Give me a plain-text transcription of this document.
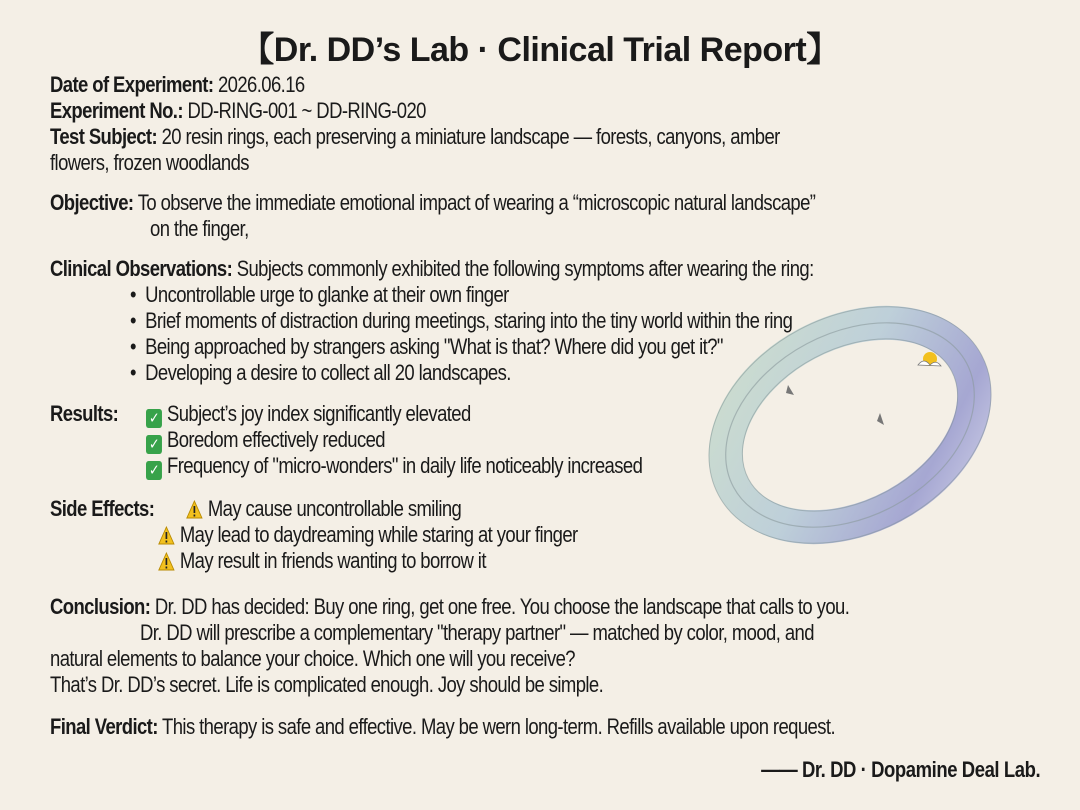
【Dr. DD’s Lab · Clinical Trial Report】
Date of Experiment: 2026.06.16
Experiment No.: DD-RING-001 ~ DD-RING-020
Test Subject: 20 resin rings, each preserving a miniature landscape — forests, canyons, amber
flowers, frozen woodlands
Objective: To observe the immediate emotional impact of wearing a “microscopic natural landscape”
on the finger,
Clinical Observations: Subjects commonly exhibited the following symptoms after wearing the ring:
• Uncontrollable urge to glanke at their own finger
• Brief moments of distraction during meetings, staring into the tiny world within the ring
• Being approached by strangers asking "What is that? Where did you get it?"
• Developing a desire to collect all 20 landscapes.
Results: ✓ Subject’s joy index significantly elevated
✓ Boredom effectively reduced
✓ Frequency of "micro-wonders" in daily life noticeably increased
Side Effects:	May cause uncontrollable smiling
May lead to daydreaming while staring at your finger
May result in friends wanting to borrow it
Conclusion: Dr. DD has decided: Buy one ring, get one free. You choose the landscape that calls to you.
Dr. DD will prescribe a complementary "therapy partner" — matched by color, mood, and
natural elements to balance your choice. Which one will you receive?
That’s Dr. DD’s secret. Life is complicated enough. Joy should be simple.
Final Verdict: This therapy is safe and effective. May be wern long-term. Refills available upon request.
—— Dr. DD · Dopamine Deal Lab.
